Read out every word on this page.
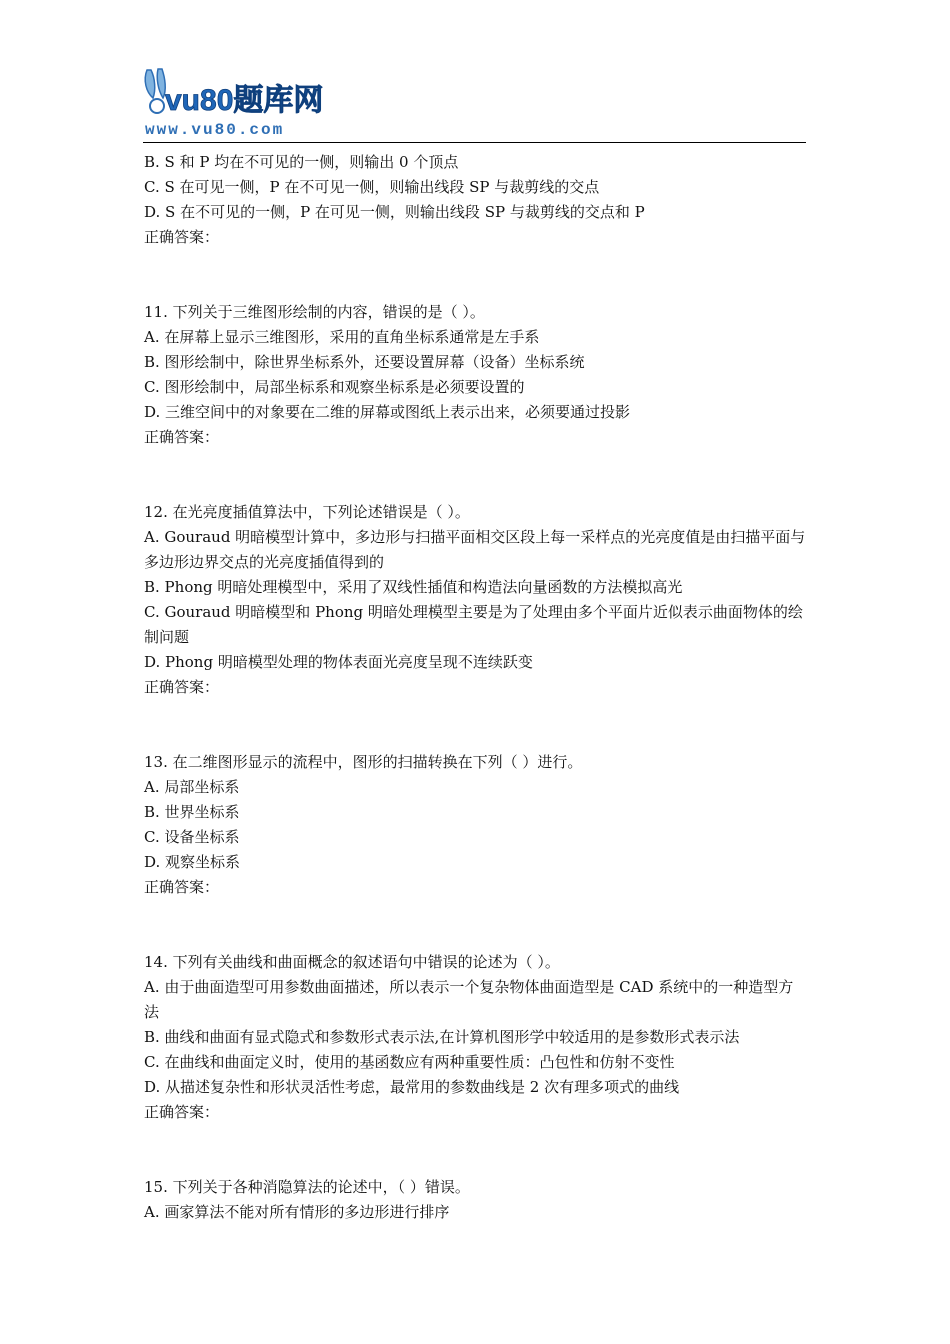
vu80题库网
www.vu80.com

B. S 和 P 均在不可见的一侧，则输出 0 个顶点

C. S 在可见一侧，P 在不可见一侧，则输出线段 SP 与裁剪线的交点

D. S 在不可见的一侧，P 在可见一侧，则输出线段 SP 与裁剪线的交点和 P

正确答案：

11. 下列关于三维图形绘制的内容，错误的是（ ）。

A. 在屏幕上显示三维图形，采用的直角坐标系通常是左手系

B. 图形绘制中，除世界坐标系外，还要设置屏幕（设备）坐标系统

C. 图形绘制中，局部坐标系和观察坐标系是必须要设置的

D. 三维空间中的对象要在二维的屏幕或图纸上表示出来，必须要通过投影

正确答案：

12. 在光亮度插值算法中，下列论述错误是（ ）。

A. Gouraud 明暗模型计算中，多边形与扫描平面相交区段上每一采样点的光亮度值是由扫描平面与多边形边界交点的光亮度插值得到的

B. Phong 明暗处理模型中，采用了双线性插值和构造法向量函数的方法模拟高光

C. Gouraud 明暗模型和 Phong 明暗处理模型主要是为了处理由多个平面片近似表示曲面物体的绘制问题

D. Phong 明暗模型处理的物体表面光亮度呈现不连续跃变

正确答案：

13. 在二维图形显示的流程中，图形的扫描转换在下列（ ）进行。

A. 局部坐标系

B. 世界坐标系

C. 设备坐标系

D. 观察坐标系

正确答案：

14. 下列有关曲线和曲面概念的叙述语句中错误的论述为（ ）。

A. 由于曲面造型可用参数曲面描述，所以表示一个复杂物体曲面造型是 CAD 系统中的一种造型方法

B. 曲线和曲面有显式隐式和参数形式表示法,在计算机图形学中较适用的是参数形式表示法

C. 在曲线和曲面定义时，使用的基函数应有两种重要性质：凸包性和仿射不变性

D. 从描述复杂性和形状灵活性考虑，最常用的参数曲线是 2 次有理多项式的曲线

正确答案：

15. 下列关于各种消隐算法的论述中，（ ）错误。

A. 画家算法不能对所有情形的多边形进行排序
